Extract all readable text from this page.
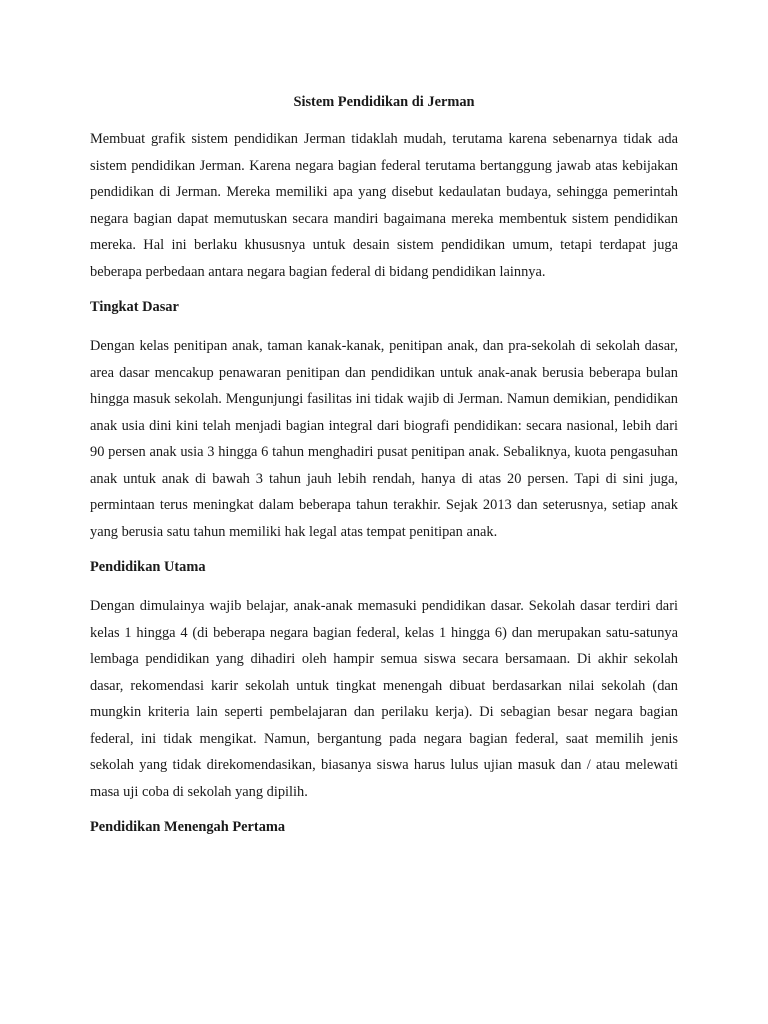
Sistem Pendidikan di Jerman

Membuat grafik sistem pendidikan Jerman tidaklah mudah, terutama karena sebenarnya tidak ada sistem pendidikan Jerman. Karena negara bagian federal terutama bertanggung jawab atas kebijakan pendidikan di Jerman. Mereka memiliki apa yang disebut kedaulatan budaya, sehingga pemerintah negara bagian dapat memutuskan secara mandiri bagaimana mereka membentuk sistem pendidikan mereka. Hal ini berlaku khususnya untuk desain sistem pendidikan umum, tetapi terdapat juga beberapa perbedaan antara negara bagian federal di bidang pendidikan lainnya.

Tingkat Dasar

Dengan kelas penitipan anak, taman kanak-kanak, penitipan anak, dan pra-sekolah di sekolah dasar, area dasar mencakup penawaran penitipan dan pendidikan untuk anak-anak berusia beberapa bulan hingga masuk sekolah. Mengunjungi fasilitas ini tidak wajib di Jerman. Namun demikian, pendidikan anak usia dini kini telah menjadi bagian integral dari biografi pendidikan: secara nasional, lebih dari 90 persen anak usia 3 hingga 6 tahun menghadiri pusat penitipan anak. Sebaliknya, kuota pengasuhan anak untuk anak di bawah 3 tahun jauh lebih rendah, hanya di atas 20 persen. Tapi di sini juga, permintaan terus meningkat dalam beberapa tahun terakhir. Sejak 2013 dan seterusnya, setiap anak yang berusia satu tahun memiliki hak legal atas tempat penitipan anak.

Pendidikan Utama

Dengan dimulainya wajib belajar, anak-anak memasuki pendidikan dasar. Sekolah dasar terdiri dari kelas 1 hingga 4 (di beberapa negara bagian federal, kelas 1 hingga 6) dan merupakan satu-satunya lembaga pendidikan yang dihadiri oleh hampir semua siswa secara bersamaan. Di akhir sekolah dasar, rekomendasi karir sekolah untuk tingkat menengah dibuat berdasarkan nilai sekolah (dan mungkin kriteria lain seperti pembelajaran dan perilaku kerja). Di sebagian besar negara bagian federal, ini tidak mengikat. Namun, bergantung pada negara bagian federal, saat memilih jenis sekolah yang tidak direkomendasikan, biasanya siswa harus lulus ujian masuk dan / atau melewati masa uji coba di sekolah yang dipilih.

Pendidikan Menengah Pertama
